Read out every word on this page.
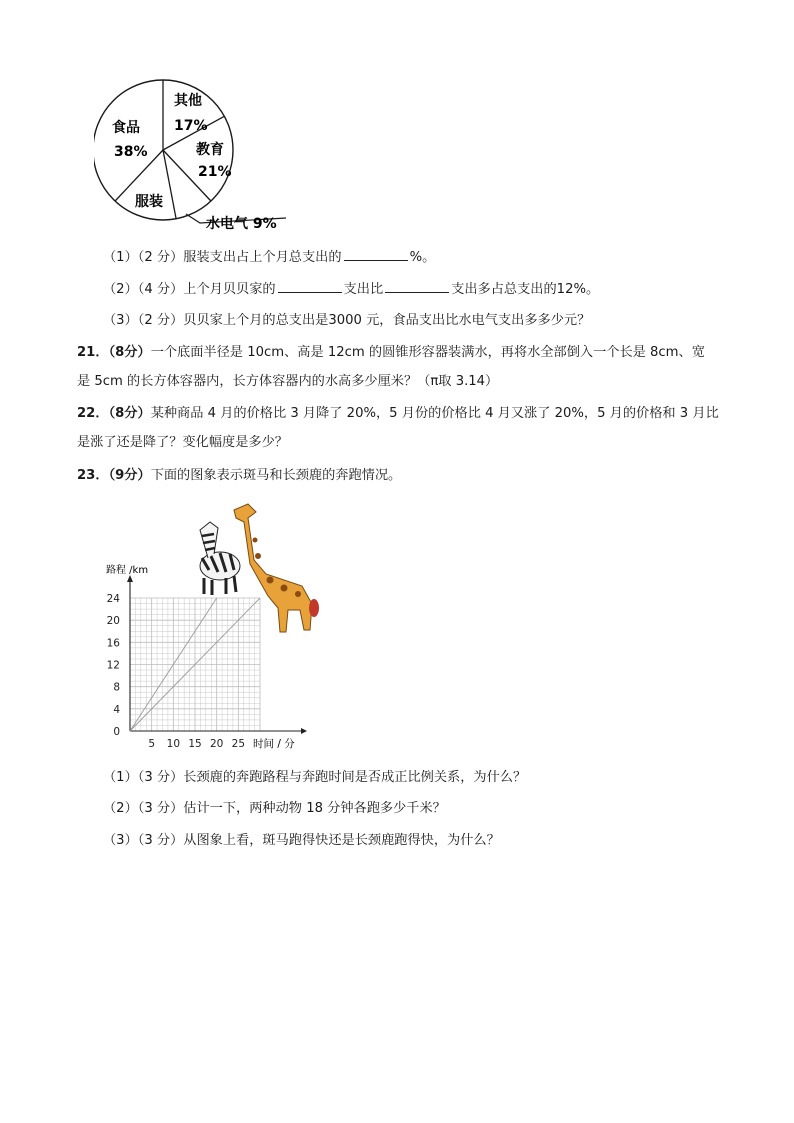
其他
17%
食品
38%	教育
21%
服装
水电气 9%
（1）（2 分）服装支出占上个月总支出的	%。
（2）（4 分）上个月贝贝家的	支出比	支出多占总支出的12%。
（3）（2 分）贝贝家上个月的总支出是3000 元，食品支出比水电气支出多多少元？
21．（8分）一个底面半径是 10cm、高是 12cm 的圆锥形容器装满水，再将水全部倒入一个长是 8cm、宽
是 5cm 的长方体容器内，长方体容器内的水高多少厘米？（π取 3.14）
22．（8分）某种商品 4 月的价格比 3 月降了 20%，5 月份的价格比 4 月又涨了 20%，5 月的价格和 3 月比
是涨了还是降了？变化幅度是多少？
23．（9分）下面的图象表示斑马和长颈鹿的奔跑情况。
5 10 15 20 25
24
20
16
12
8
4
0
路程 /km
时间 / 分
（1）（3 分）长颈鹿的奔跑路程与奔跑时间是否成正比例关系，为什么？
（2）（3 分）估计一下，两种动物 18 分钟各跑多少千米？
（3）（3 分）从图象上看，斑马跑得快还是长颈鹿跑得快，为什么？
